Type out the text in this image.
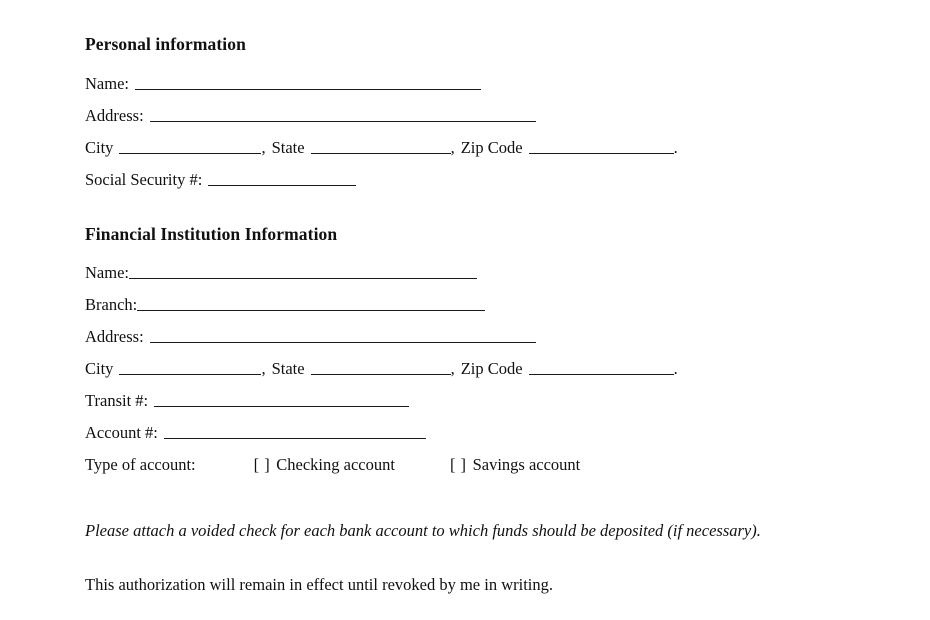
Personal information
Name:
Address:
City	, State	, Zip Code	.
Social Security #:
Financial Institution Information
Name:
Branch:
Address:
City	, State	, Zip Code	.
Transit #:
Account #:
Type of account:	[ ] Checking account	[ ] Savings account
Please attach a voided check for each bank account to which funds should be deposited (if necessary).
This authorization will remain in effect until revoked by me in writing.
